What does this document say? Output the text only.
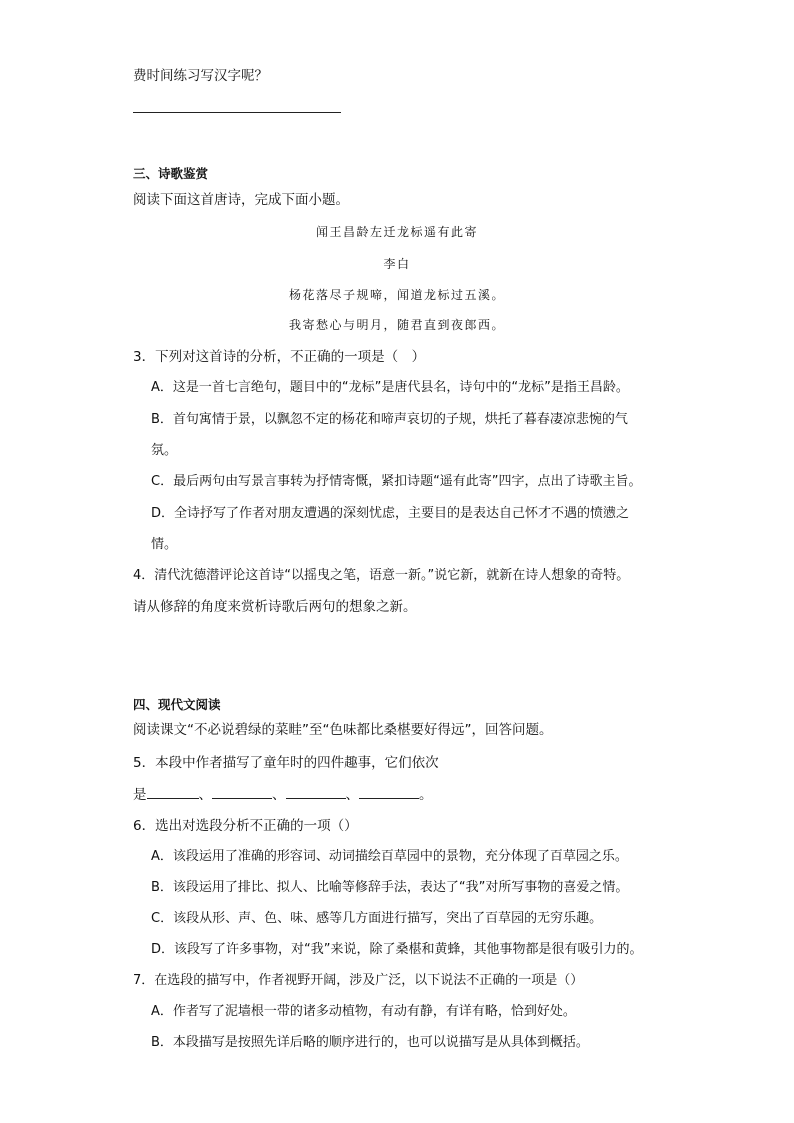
费时间练习写汉字呢？
三、诗歌鉴赏
阅读下面这首唐诗，完成下面小题。
闻王昌龄左迁龙标遥有此寄
李白
杨花落尽子规啼，闻道龙标过五溪。
我寄愁心与明月，随君直到夜郎西。
3．下列对这首诗的分析，不正确的一项是（　）
A．这是一首七言绝句，题目中的“龙标”是唐代县名，诗句中的“龙标”是指王昌龄。
B．首句寓情于景，以飘忽不定的杨花和啼声哀切的子规，烘托了暮春凄凉悲惋的气
氛。
C．最后两句由写景言事转为抒情寄慨，紧扣诗题“遥有此寄”四字，点出了诗歌主旨。
D．全诗抒写了作者对朋友遭遇的深刻忧虑，主要目的是表达自己怀才不遇的愤懑之
情。
4．清代沈德潜评论这首诗“以摇曳之笔，语意一新。”说它新，就新在诗人想象的奇特。
请从修辞的角度来赏析诗歌后两句的想象之新。
四、现代文阅读
阅读课文“不必说碧绿的菜畦”至“色味都比桑椹要好得远”，回答问题。
5．本段中作者描写了童年时的四件趣事，它们依次
是	、	、	、	。
6．选出对选段分析不正确的一项（）
A．该段运用了准确的形容词、动词描绘百草园中的景物，充分体现了百草园之乐。
B．该段运用了排比、拟人、比喻等修辞手法，表达了“我”对所写事物的喜爱之情。
C．该段从形、声、色、味、感等几方面进行描写，突出了百草园的无穷乐趣。
D．该段写了许多事物，对“我”来说，除了桑椹和黄蜂，其他事物都是很有吸引力的。
7．在选段的描写中，作者视野开阔，涉及广泛，以下说法不正确的一项是（）
A．作者写了泥墙根一带的诸多动植物，有动有静，有详有略，恰到好处。
B．本段描写是按照先详后略的顺序进行的，也可以说描写是从具体到概括。
